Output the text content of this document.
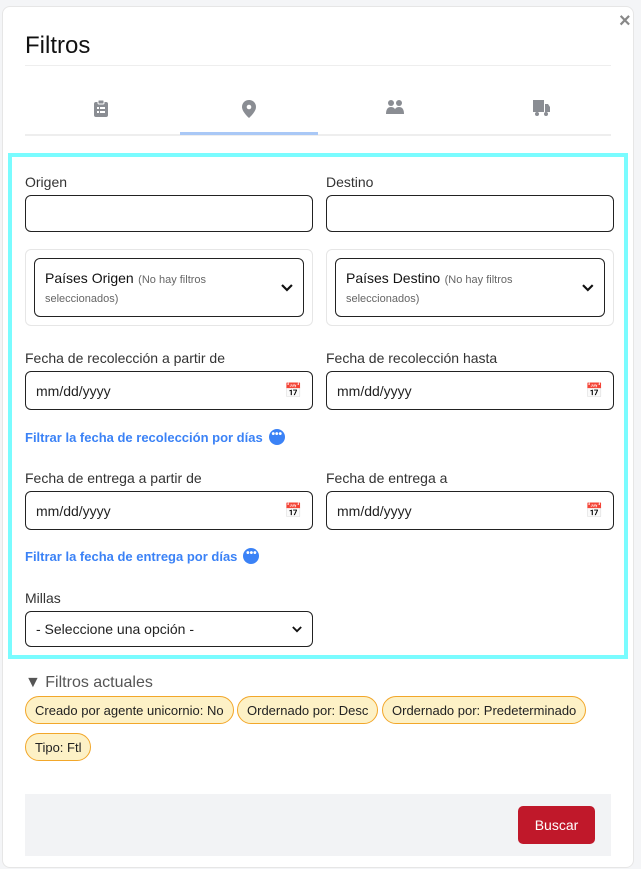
×
Filtros
Origen	Destino
Países Origen (No hay filtros seleccionados)
Países Destino (No hay filtros seleccionados)
Fecha de recolección a partir de
mm/dd/yyyy	📅
Fecha de recolección hasta
mm/dd/yyyy	📅
Filtrar la fecha de recolección por días •••
Fecha de entrega a partir de
mm/dd/yyyy	📅
Fecha de entrega a
mm/dd/yyyy	📅
Filtrar la fecha de entrega por días •••
Millas
- Seleccione una opción -
▼ Filtros actuales
Creado por agente unicornio: No	Ordernado por: Desc	Ordernado por: Predeterminado
Tipo: Ftl
Buscar
